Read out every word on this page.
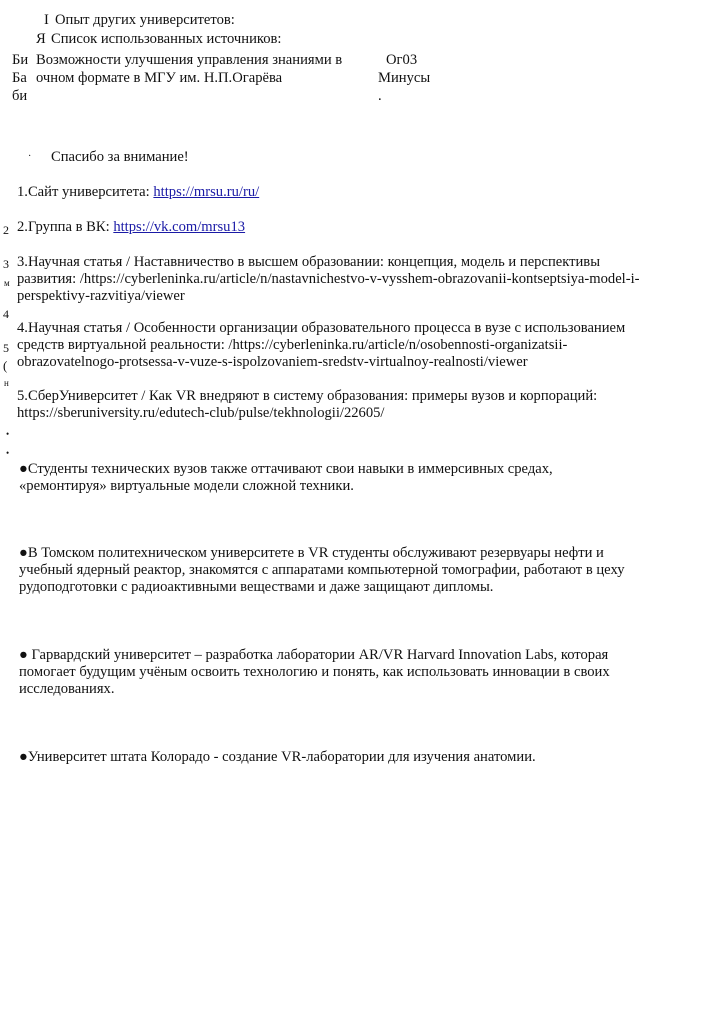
I Опыт других университетов:
Я Список использованных источников:
Би
Ба
би
Возможности улучшения управления знаниями в
очном формате в МГУ им. Н.П.Огарёва
Ог03
Минусы
.
· Спасибо за внимание!
2
3
м
4
5
(
н
1.Сайт университета: https://mrsu.ru/ru/
2.Группа в ВК: https://vk.com/mrsu13
3.Научная статья / Наставничество в высшем образовании: концепция, модель и перспективы
развития: /https://cyberleninka.ru/article/n/nastavnichestvo-v-vysshem-obrazovanii-kontseptsiya-model-i-
perspektivy-razvitiya/viewer
4.Научная статья / Особенности организации образовательного процесса в вузе с использованием
средств виртуальной реальности: /https://cyberleninka.ru/article/n/osobennosti-organizatsii-
obrazovatelnogo-protsessa-v-vuze-s-ispolzovaniem-sredstv-virtualnoy-realnosti/viewer
5.СберУниверситет / Как VR внедряют в систему образования: примеры вузов и корпораций:
https://sberuniversity.ru/edutech-club/pulse/tekhnologii/22605/
•
•
●Студенты технических вузов также оттачивают свои навыки в иммерсивных средах,
«ремонтируя» виртуальные модели сложной техники.
●В Томском политехническом университете в VR студенты обслуживают резервуары нефти и
учебный ядерный реактор, знакомятся с аппаратами компьютерной томографии, работают в цеху
рудоподготовки с радиоактивными веществами и даже защищают дипломы.
● Гарвардский университет – разработка лаборатории AR/VR Harvard Innovation Labs, которая
помогает будущим учёным освоить технологию и понять, как использовать инновации в своих
исследованиях.
●Университет штата Колорадо - создание VR-лаборатории для изучения анатомии.
